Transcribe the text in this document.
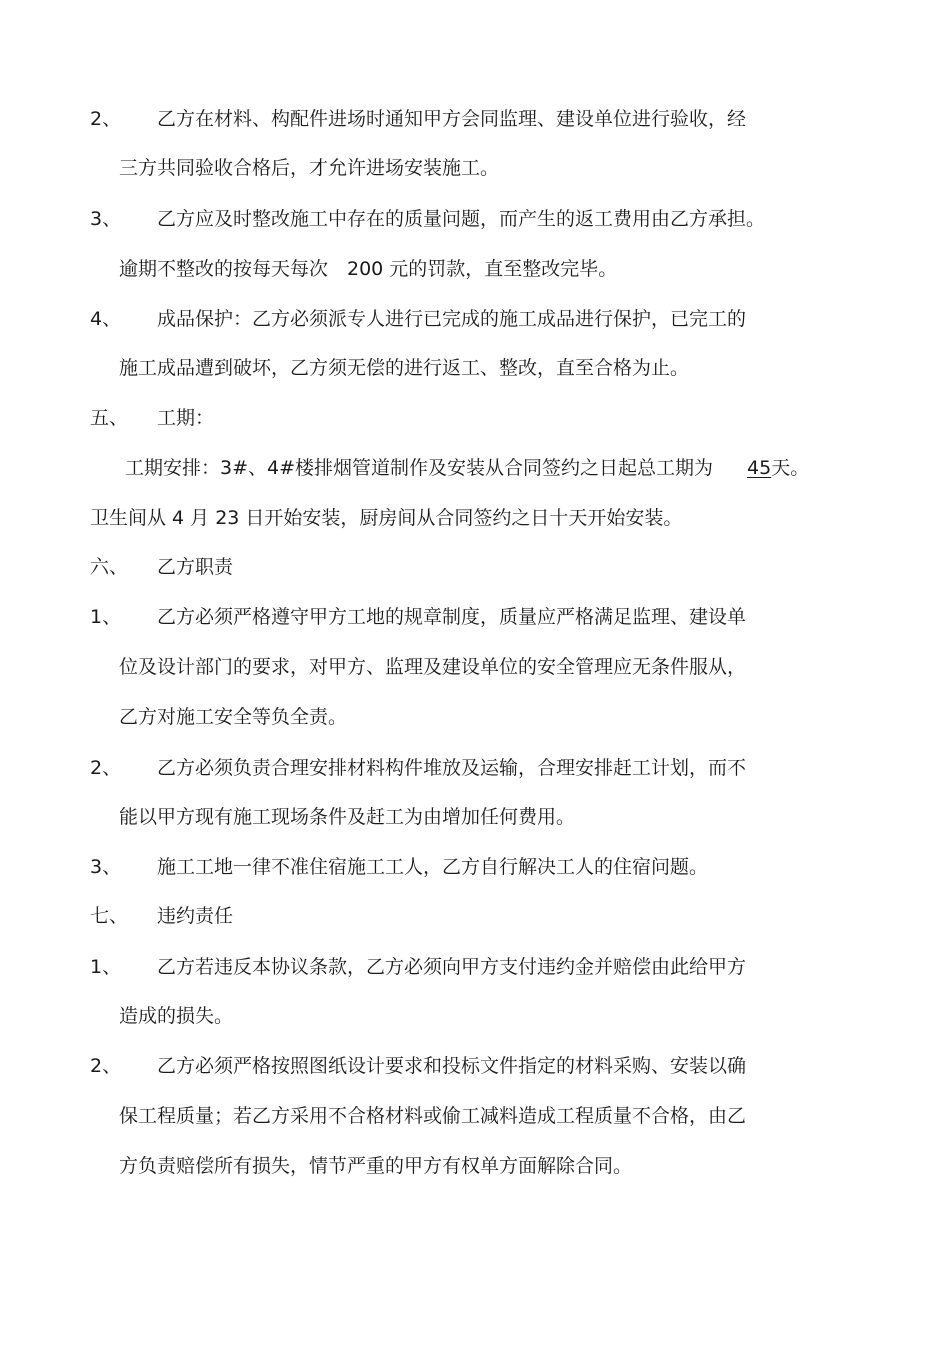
2、	乙方在材料、构配件进场时通知甲方会同监理、建设单位进行验收，经
三方共同验收合格后，才允许进场安装施工。
3、	乙方应及时整改施工中存在的质量问题，而产生的返工费用由乙方承担。
逾期不整改的按每天每次　200 元的罚款，直至整改完毕。
4、	成品保护：乙方必须派专人进行已完成的施工成品进行保护，已完工的
施工成品遭到破坏，乙方须无偿的进行返工、整改，直至合格为止。
五、	工期：
工期安排：3#、4#楼排烟管道制作及安装从合同签约之日起总工期为 45天。
卫生间从 4 月 23 日开始安装，厨房间从合同签约之日十天开始安装。
六、	乙方职责
1、	乙方必须严格遵守甲方工地的规章制度，质量应严格满足监理、建设单
位及设计部门的要求，对甲方、监理及建设单位的安全管理应无条件服从，
乙方对施工安全等负全责。
2、	乙方必须负责合理安排材料构件堆放及运输，合理安排赶工计划，而不
能以甲方现有施工现场条件及赶工为由增加任何费用。
3、	施工工地一律不准住宿施工工人，乙方自行解决工人的住宿问题。
七、	违约责任
1、	乙方若违反本协议条款，乙方必须向甲方支付违约金并赔偿由此给甲方
造成的损失。
2、	乙方必须严格按照图纸设计要求和投标文件指定的材料采购、安装以确
保工程质量；若乙方采用不合格材料或偷工减料造成工程质量不合格，由乙
方负责赔偿所有损失，情节严重的甲方有权单方面解除合同。
